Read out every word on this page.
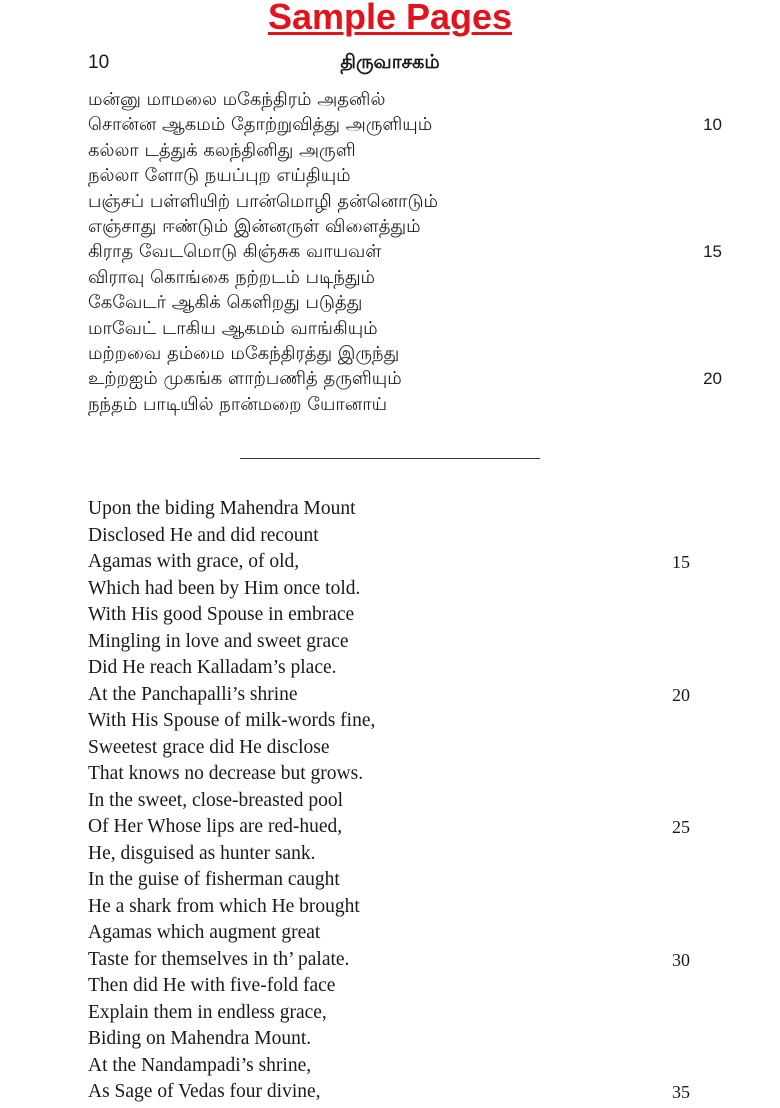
Sample Pages
10	திருவாசகம்
மன்னு மாமலை மகேந்திரம் அதனில்
சொன்ன ஆகமம் தோற்றுவித்து அருளியும்	10
கல்லா டத்துக் கலந்தினிது அருளி
நல்லா ளோடு நயப்புற எய்தியும்
பஞ்சப் பள்ளியிற் பான்மொழி தன்னொடும்
எஞ்சாது ஈண்டும் இன்னருள் விளைத்தும்
கிராத வேடமொடு கிஞ்சுக வாயவள்	15
விராவு கொங்கை நற்றடம் படிந்தும்
கேவேடர் ஆகிக் கெளிறது படுத்து
மாவேட் டாகிய ஆகமம் வாங்கியும்
மற்றவை தம்மை மகேந்திரத்து இருந்து
உற்றஐம் முகங்க ளாற்பணித் தருளியும்	20
நந்தம் பாடியில் நான்மறை யோனாய்
Upon the biding Mahendra Mount
Disclosed He and did recount
Agamas with grace, of old,	15
Which had been by Him once told.
With His good Spouse in embrace
Mingling in love and sweet grace
Did He reach Kalladam’s place.
At the Panchapalli’s shrine	20
With His Spouse of milk-words fine,
Sweetest grace did He disclose
That knows no decrease but grows.
In the sweet, close-breasted pool
Of Her Whose lips are red-hued,	25
He, disguised as hunter sank.
In the guise of fisherman caught
He a shark from which He brought
Agamas which augment great
Taste for themselves in th’ palate.	30
Then did He with five-fold face
Explain them in endless grace,
Biding on Mahendra Mount.
At the Nandampadi’s shrine,
As Sage of Vedas four divine,	35
